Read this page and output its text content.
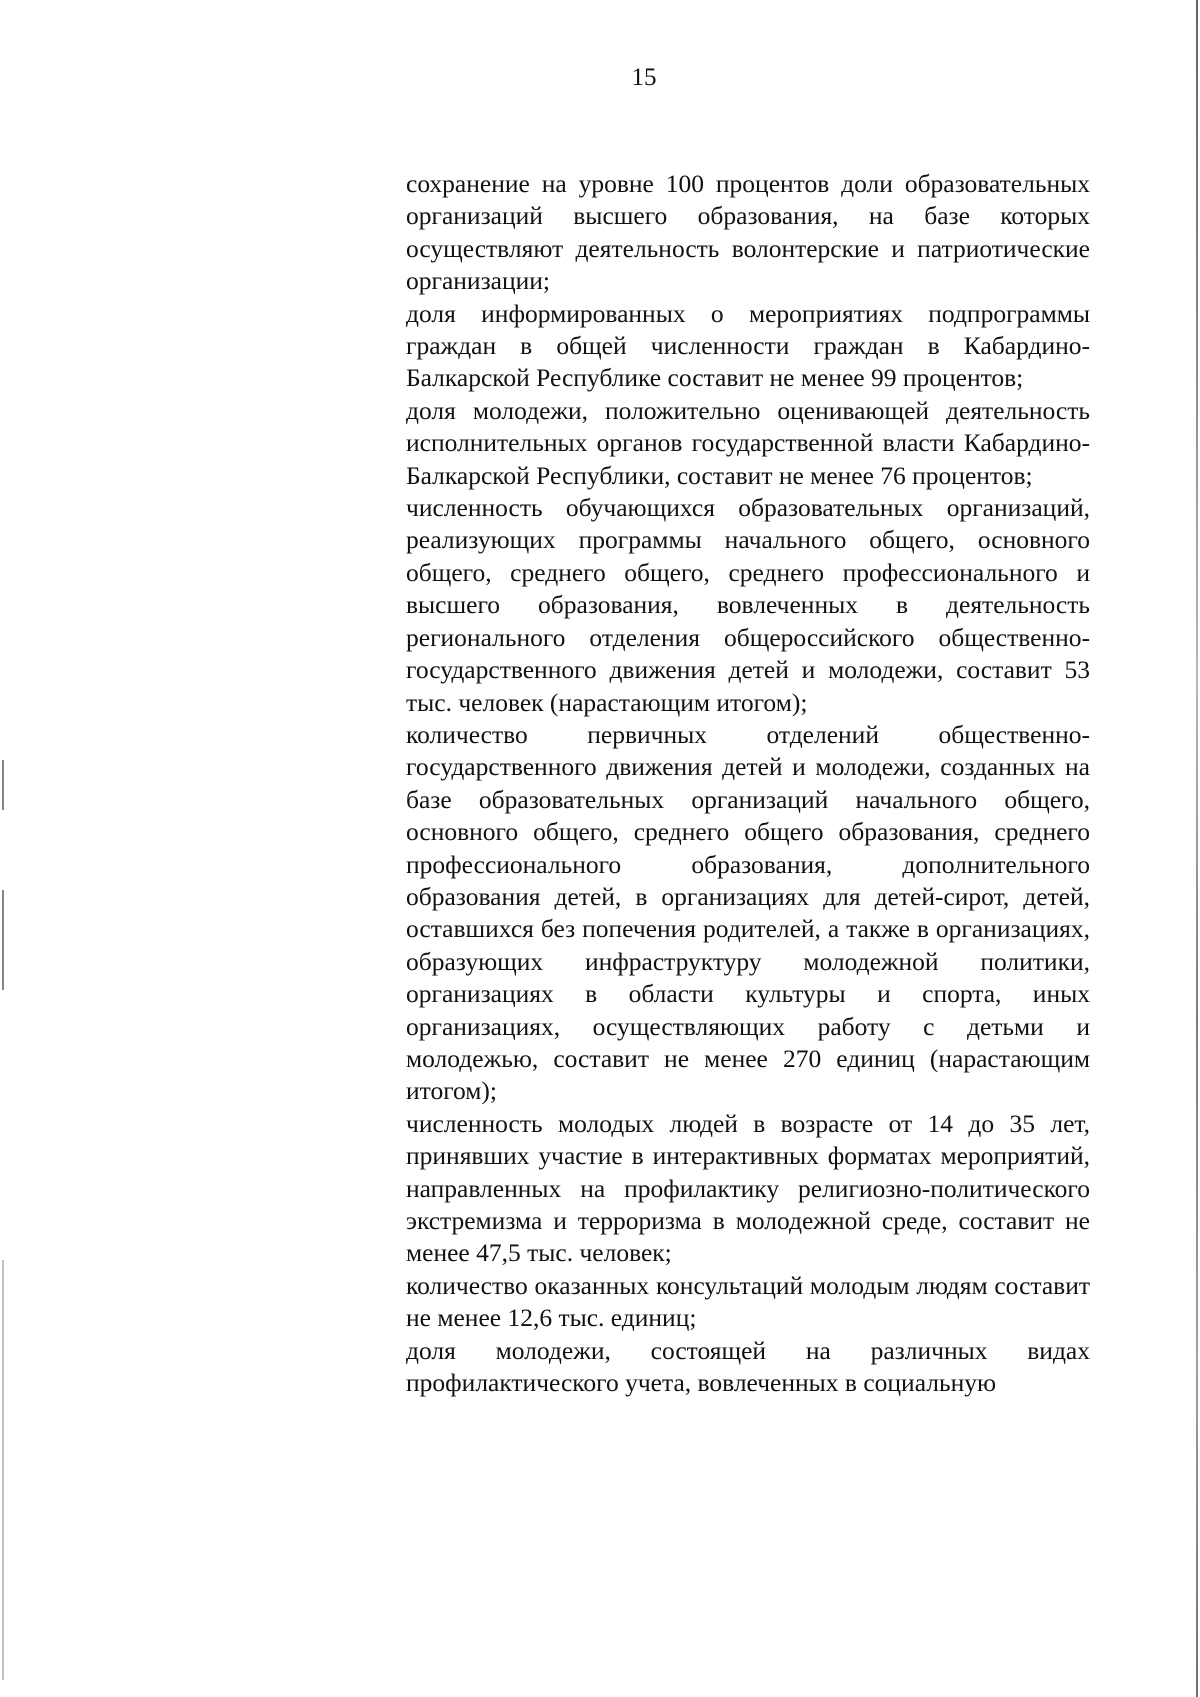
15

сохранение на уровне 100 процентов доли образовательных организаций высшего образования, на базе которых осуществляют деятельность волонтерские и патриотические организации;

доля информированных о мероприятиях подпрограммы граждан в общей численности граждан в Кабардино-Балкарской Республике составит не менее 99 процентов;

доля молодежи, положительно оценивающей деятельность исполнительных органов государственной власти Кабардино-Балкарской Республики, составит не менее 76 процентов;

численность обучающихся образовательных организаций, реализующих программы начального общего, основного общего, среднего общего, среднего профессионального и высшего образования, вовлеченных в деятельность регионального отделения общероссийского общественно-государственного движения детей и молодежи, составит 53 тыс. человек (нарастающим итогом);

количество первичных отделений общественно-государственного движения детей и молодежи, созданных на базе образовательных организаций начального общего, основного общего, среднего общего образования, среднего профессионального образования, дополнительного образования детей, в организациях для детей-сирот, детей, оставшихся без попечения родителей, а также в организациях, образующих инфраструктуру молодежной политики, организациях в области культуры и спорта, иных организациях, осуществляющих работу с детьми и молодежью, составит не менее 270 единиц (нарастающим итогом);

численность молодых людей в возрасте от 14 до 35 лет, принявших участие в интерактивных форматах мероприятий, направленных на профилактику религиозно-политического экстремизма и терроризма в молодежной среде, составит не менее 47,5 тыс. человек;

количество оказанных консультаций молодым людям составит не менее 12,6 тыс. единиц;

доля молодежи, состоящей на различных видах профилактического учета, вовлеченных в социальную
